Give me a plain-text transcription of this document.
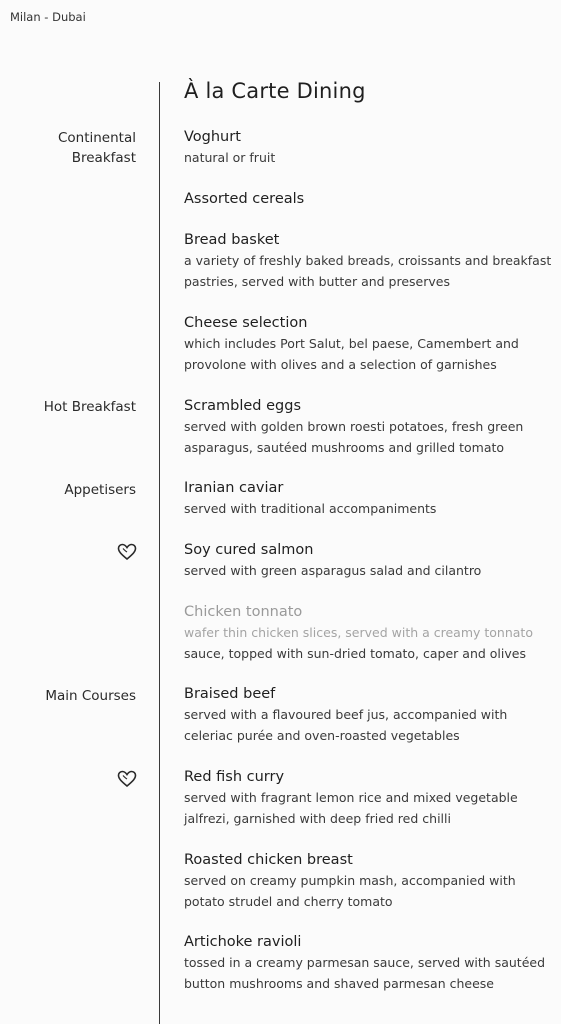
Milan - Dubai
À la Carte Dining
Continental
Breakfast
Hot Breakfast
Appetisers
Main Courses
Voghurt
natural or fruit
Assorted cereals
Bread basket
a variety of freshly baked breads, croissants and breakfast pastries, served with butter and preserves
Cheese selection
which includes Port Salut, bel paese, Camembert and provolone with olives and a selection of garnishes
Scrambled eggs
served with golden brown roesti potatoes, fresh green asparagus, sautéed mushrooms and grilled tomato
Iranian caviar
served with traditional accompaniments
Soy cured salmon
served with green asparagus salad and cilantro
Chicken tonnato
wafer thin chicken slices, served with a creamy tonnato
sauce, topped with sun-dried tomato, caper and olives
Braised beef
served with a flavoured beef jus, accompanied with celeriac purée and oven-roasted vegetables
Red fish curry
served with fragrant lemon rice and mixed vegetable jalfrezi, garnished with deep fried red chilli
Roasted chicken breast
served on creamy pumpkin mash, accompanied with potato strudel and cherry tomato
Artichoke ravioli
tossed in a creamy parmesan sauce, served with sautéed button mushrooms and shaved parmesan cheese
